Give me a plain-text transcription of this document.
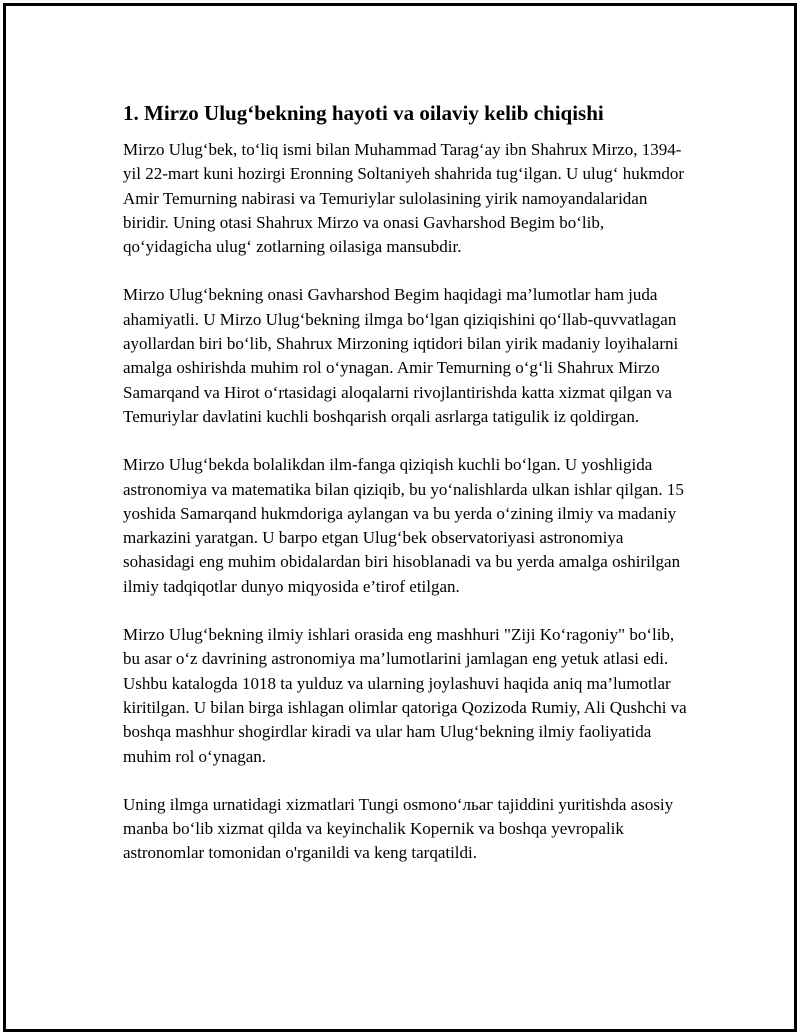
1. Mirzo Ulug‘bekning hayoti va oilaviy kelib chiqishi

Mirzo Ulug‘bek, to‘liq ismi bilan Muhammad Tarag‘ay ibn Shahrux Mirzo, 1394-yil 22-mart kuni hozirgi Eronning Soltaniyeh shahrida tug‘ilgan. U ulug‘ hukmdor Amir Temurning nabirasi va Temuriylar sulolasining yirik namoyandalaridan biridir. Uning otasi Shahrux Mirzo va onasi Gavharshod Begim bo‘lib, qo‘yidagicha ulug‘ zotlarning oilasiga mansubdir.

Mirzo Ulug‘bekning onasi Gavharshod Begim haqidagi ma’lumotlar ham juda ahamiyatli. U Mirzo Ulug‘bekning ilmga bo‘lgan qiziqishini qo‘llab-quvvatlagan ayollardan biri bo‘lib, Shahrux Mirzoning iqtidori bilan yirik madaniy loyihalarni amalga oshirishda muhim rol o‘ynagan. Amir Temurning o‘g‘li Shahrux Mirzo Samarqand va Hirot o‘rtasidagi aloqalarni rivojlantirishda katta xizmat qilgan va Temuriylar davlatini kuchli boshqarish orqali asrlarga tatigulik iz qoldirgan.

Mirzo Ulug‘bekda bolalikdan ilm-fanga qiziqish kuchli bo‘lgan. U yoshligida astronomiya va matematika bilan qiziqib, bu yo‘nalishlarda ulkan ishlar qilgan. 15 yoshida Samarqand hukmdoriga aylangan va bu yerda o‘zining ilmiy va madaniy markazini yaratgan. U barpo etgan Ulug‘bek observatoriyasi astronomiya sohasidagi eng muhim obidalardan biri hisoblanadi va bu yerda amalga oshirilgan ilmiy tadqiqotlar dunyo miqyosida e’tirof etilgan.

Mirzo Ulug‘bekning ilmiy ishlari orasida eng mashhuri "Ziji Ko‘ragoniy" bo‘lib, bu asar o‘z davrining astronomiya ma’lumotlarini jamlagan eng yetuk atlasi edi. Ushbu katalogda 1018 ta yulduz va ularning joylashuvi haqida aniq ma’lumotlar kiritilgan. U bilan birga ishlagan olimlar qatoriga Qozizoda Rumiy, Ali Qushchi va boshqa mashhur shogirdlar kiradi va ular ham Ulug‘bekning ilmiy faoliyatida muhim rol o‘ynagan.

Uning ilmga urnatidagi xizmatlari Tungi osmono‘льаг tajiddini yuritishda asosiy manba bo‘lib xizmat qilda va keyinchalik Kopernik va boshqa yevropalik astronomlar tomonidan o'rganildi va keng tarqatildi.
